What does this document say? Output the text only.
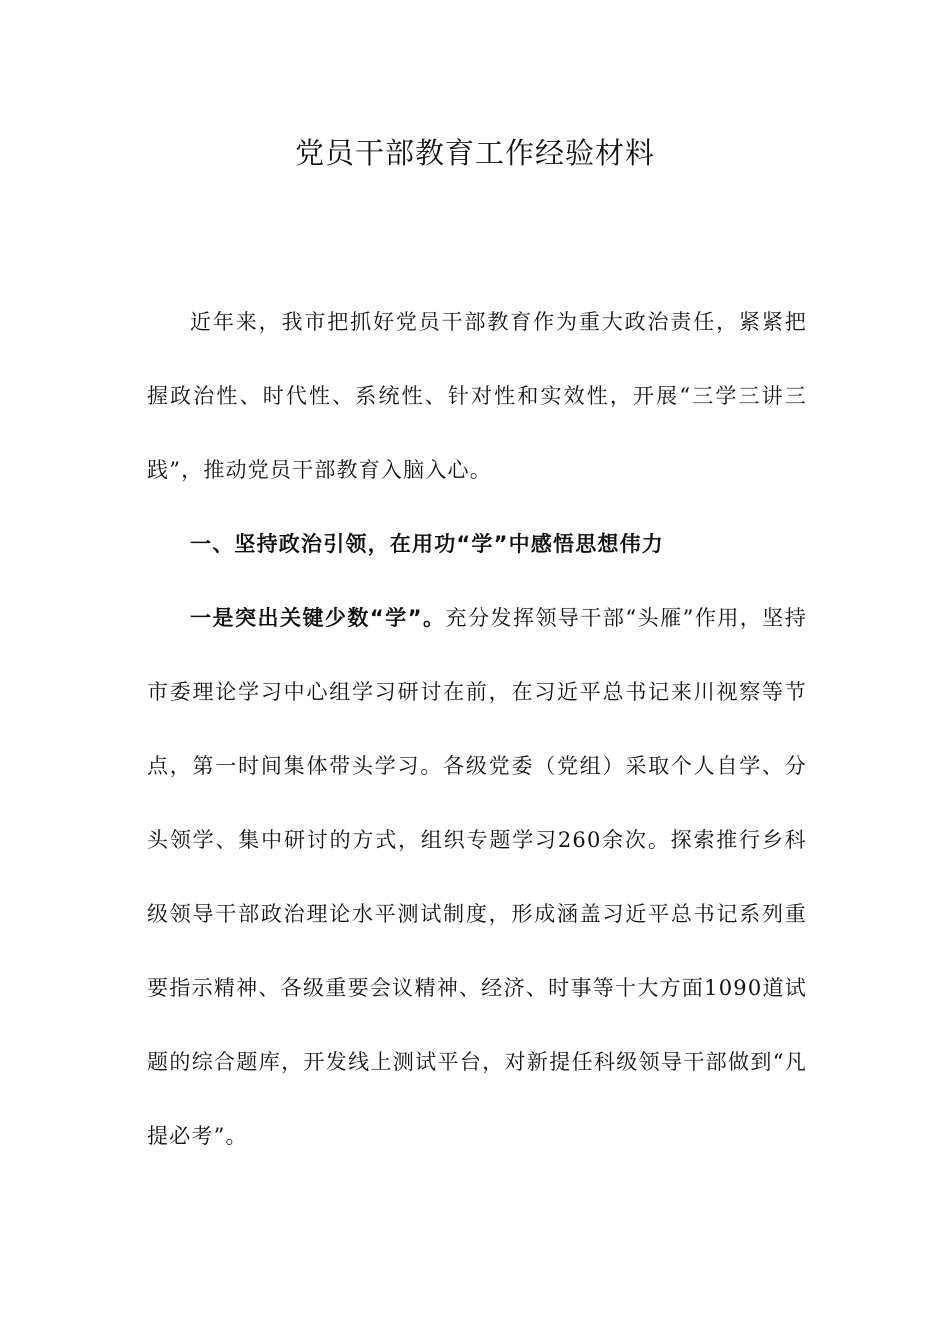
党员干部教育工作经验材料

近年来，我市把抓好党员干部教育作为重大政治责任，紧紧把握政治性、时代性、系统性、针对性和实效性，开展“三学三讲三践”，推动党员干部教育入脑入心。

一、坚持政治引领，在用功“学”中感悟思想伟力

一是突出关键少数“学”。充分发挥领导干部“头雁”作用，坚持市委理论学习中心组学习研讨在前，在习近平总书记来川视察等节点，第一时间集体带头学习。各级党委（党组）采取个人自学、分头领学、集中研讨的方式，组织专题学习260余次。探索推行乡科级领导干部政治理论水平测试制度，形成涵盖习近平总书记系列重要指示精神、各级重要会议精神、经济、时事等十大方面1090道试题的综合题库，开发线上测试平台，对新提任科级领导干部做到“凡提必考”。
